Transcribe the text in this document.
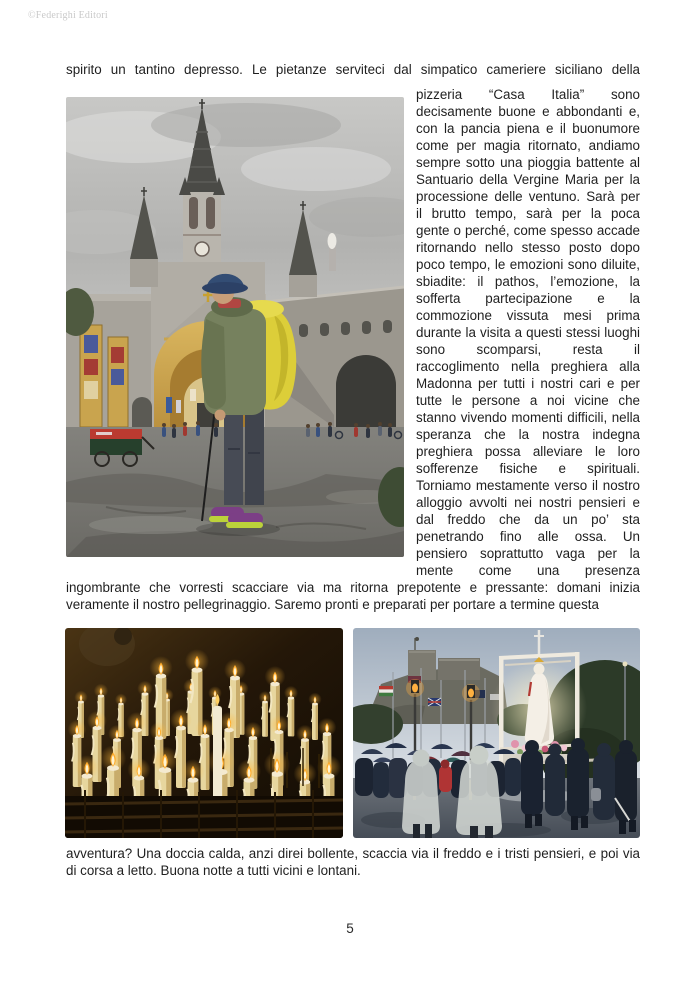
©Federighi Editori

spirito un tantino depresso. Le pietanze serviteci dal simpatico cameriere siciliano della

pizzeria “Casa Italia” sono decisamente buone e abbondanti e, con la pancia piena e il buonumore come per magia ritornato, andiamo sempre sotto una pioggia battente al Santuario della Vergine Maria per la processione delle ventuno. Sarà per il brutto tempo, sarà per la poca gente o perché, come spesso accade ritornando nello stesso posto dopo poco tempo, le emozioni sono diluite, sbiadite: il pathos, l’emozione, la sofferta partecipazione e la commozione vissuta mesi prima durante la visita a questi stessi luoghi sono scomparsi, resta il raccoglimento nella preghiera alla Madonna per tutti i nostri cari e per tutte le persone a noi vicine che stanno vivendo momenti difficili, nella speranza che la nostra indegna preghiera possa alleviare le loro sofferenze fisiche e spirituali. Torniamo mestamente verso il nostro alloggio avvolti nei nostri pensieri e dal freddo che da un po’ sta penetrando fino alle ossa. Un pensiero soprattutto vaga per la mente come una presenza ingombrante che vorresti scacciare via ma ritorna prepotente e pressante: domani inizia veramente il nostro pellegrinaggio. Saremo pronti e preparati per portare a termine questa

avventura? Una doccia calda, anzi direi bollente, scaccia via il freddo e i tristi pensieri, e poi via di corsa a letto. Buona notte a tutti vicini e lontani.

5
